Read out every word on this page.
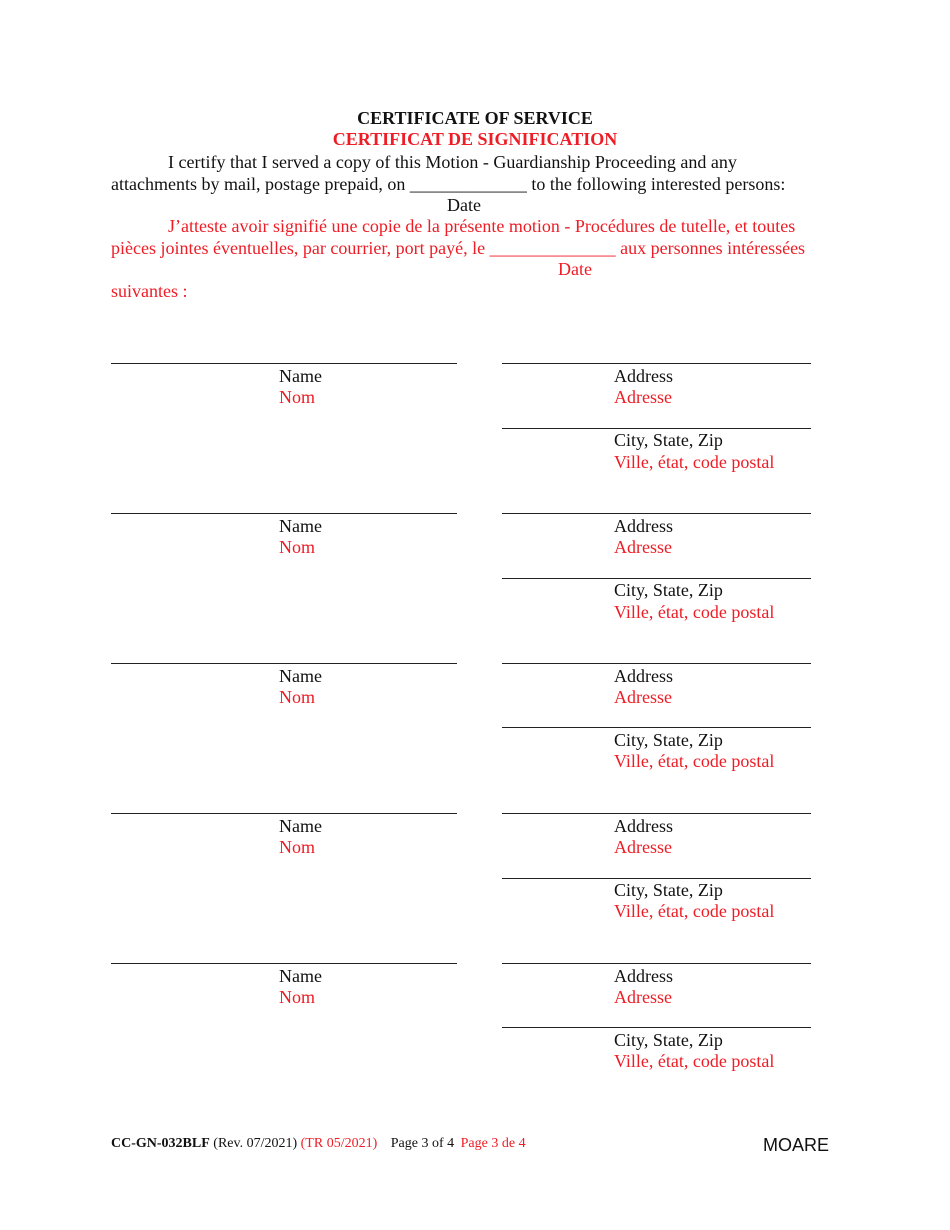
CERTIFICATE OF SERVICE
CERTIFICAT DE SIGNIFICATION
I certify that I served a copy of this Motion - Guardianship Proceeding and any
attachments by mail, postage prepaid, on _____________ to the following interested persons:
Date
J’atteste avoir signifié une copie de la présente motion - Procédures de tutelle, et toutes
pièces jointes éventuelles, par courrier, port payé, le ______________ aux personnes intéressées
Date
suivantes :
Name
Nom
Address
Adresse
City, State, Zip
Ville, état, code postal
Name
Nom
Address
Adresse
City, State, Zip
Ville, état, code postal
Name
Nom
Address
Adresse
City, State, Zip
Ville, état, code postal
Name
Nom
Address
Adresse
City, State, Zip
Ville, état, code postal
Name
Nom
Address
Adresse
City, State, Zip
Ville, état, code postal
CC-GN-032BLF (Rev. 07/2021) (TR 05/2021) Page 3 of 4 Page 3 de 4	MOARE
